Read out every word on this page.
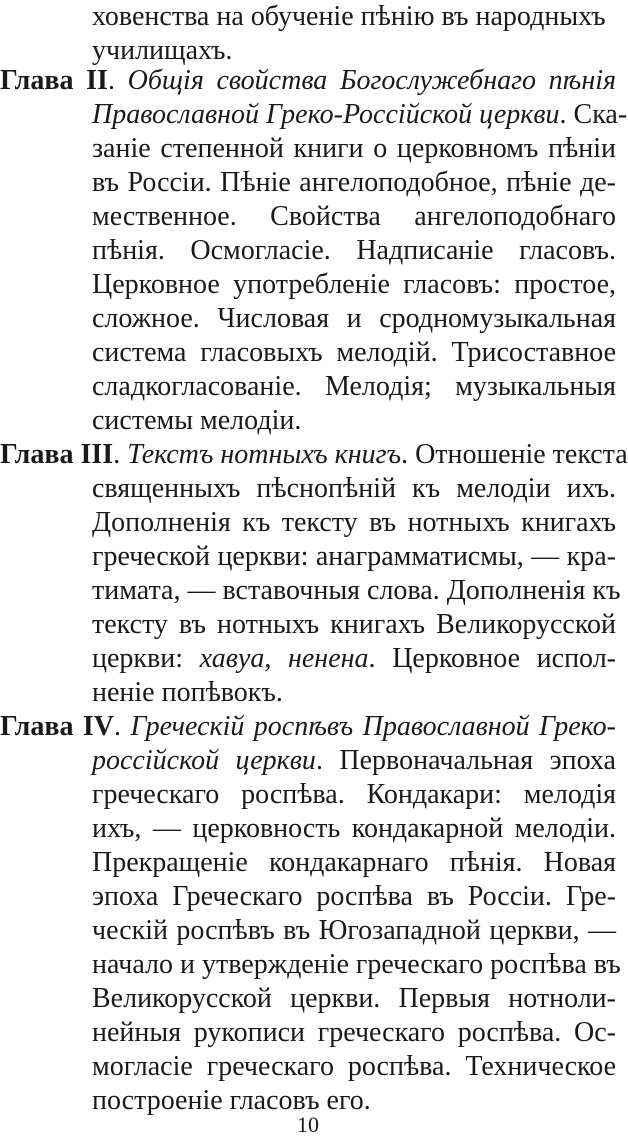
ховенства на обученіе пѣнію въ народныхъ
училищахъ.
Глава II. Общія свойства Богослужебнаго пѣнія
Православной Греко-Россійской церкви. Ска-
заніе степенной книги о церковномъ пѣніи
въ Россіи. Пѣніе ангелоподобное, пѣніе де-
мественное. Свойства ангелоподобнаго
пѣнія. Осмогласіе. Надписаніе гласовъ.
Церковное употребленіе гласовъ: простое,
сложное. Числовая и сродномузыкальная
система гласовыхъ мелодій. Трисоставное
сладкогласованіе. Мелодія; музыкальныя
системы мелодіи.
Глава III. Текстъ нотныхъ книгъ. Отношеніе текста
священныхъ пѣснопѣній къ мелодіи ихъ.
Дополненія къ тексту въ нотныхъ книгахъ
греческой церкви: анаграмматисмы, — кра-
тимата, — вставочныя слова. Дополненія къ
тексту въ нотныхъ книгахъ Великорусской
церкви: хавуа, ненена. Церковное испол-
неніе попѣвокъ.
Глава IV. Греческій роспѣвъ Православной Греко-
россійской церкви. Первоначальная эпоха
греческаго роспѣва. Кондакари: мелодія
ихъ, — церковность кондакарной мелодіи.
Прекращеніе кондакарнаго пѣнія. Новая
эпоха Греческаго роспѣва въ Россіи. Гре-
ческій роспѣвъ въ Югозападной церкви, —
начало и утвержденіе греческаго роспѣва въ
Великорусской церкви. Первыя нотноли-
нейныя рукописи греческаго роспѣва. Ос-
могласіе греческаго роспѣва. Техническое
построеніе гласовъ его.
10
